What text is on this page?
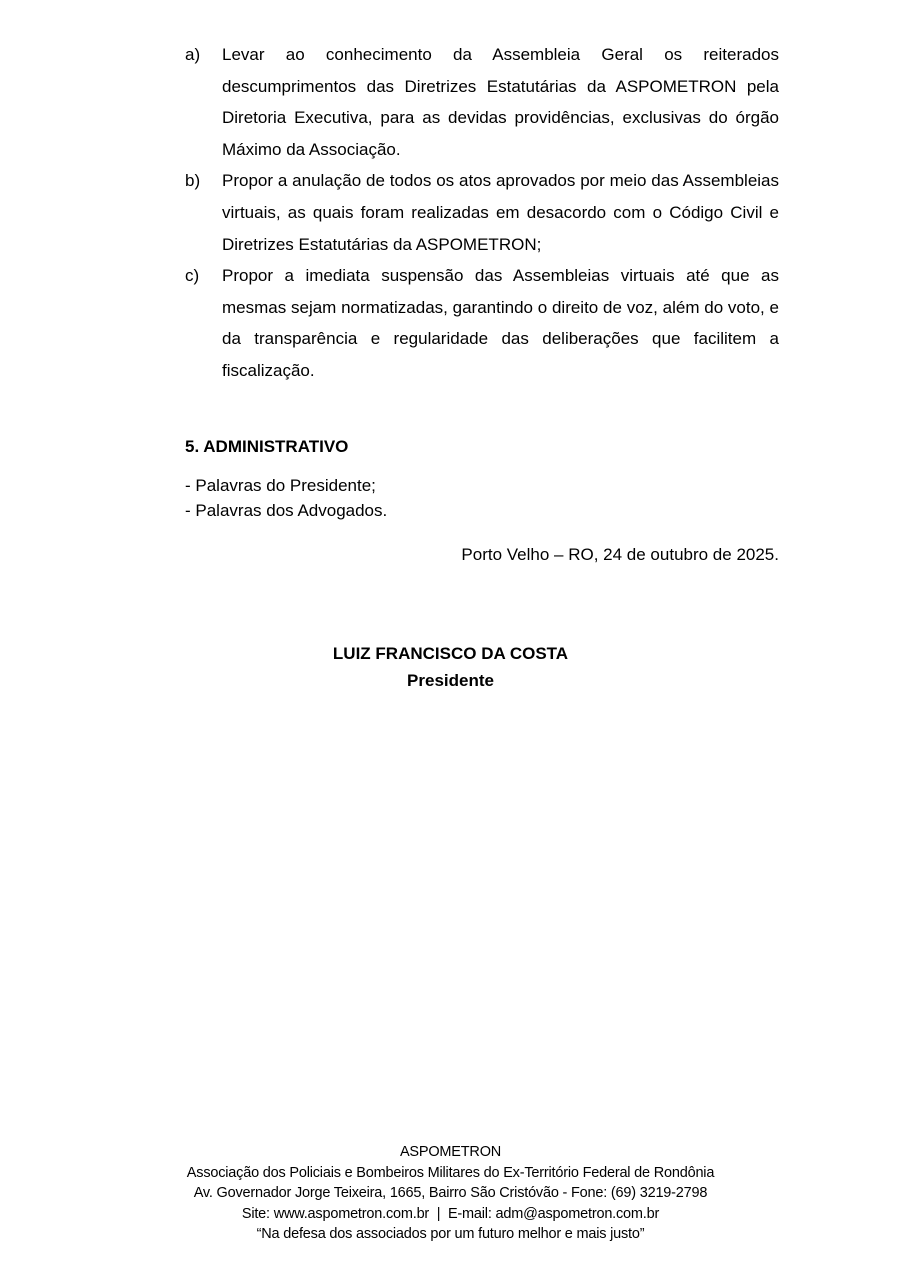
a)	Levar ao conhecimento da Assembleia Geral os reiterados descumprimentos das Diretrizes Estatutárias da ASPOMETRON pela Diretoria Executiva, para as devidas providências, exclusivas do órgão Máximo da Associação.
b)	Propor a anulação de todos os atos aprovados por meio das Assembleias virtuais, as quais foram realizadas em desacordo com o Código Civil e Diretrizes Estatutárias da ASPOMETRON;
c)	Propor a imediata suspensão das Assembleias virtuais até que as mesmas sejam normatizadas, garantindo o direito de voz, além do voto, e da transparência e regularidade das deliberações que facilitem a fiscalização.
5. ADMINISTRATIVO
- Palavras do Presidente;
- Palavras dos Advogados.
Porto Velho – RO, 24 de outubro de 2025.
LUIZ FRANCISCO DA COSTA
Presidente
ASPOMETRON
Associação dos Policiais e Bombeiros Militares do Ex-Território Federal de Rondônia
Av. Governador Jorge Teixeira, 1665, Bairro São Cristóvão - Fone: (69) 3219-2798
Site: www.aspometron.com.br  |  E-mail: adm@aspometron.com.br
“Na defesa dos associados por um futuro melhor e mais justo”
